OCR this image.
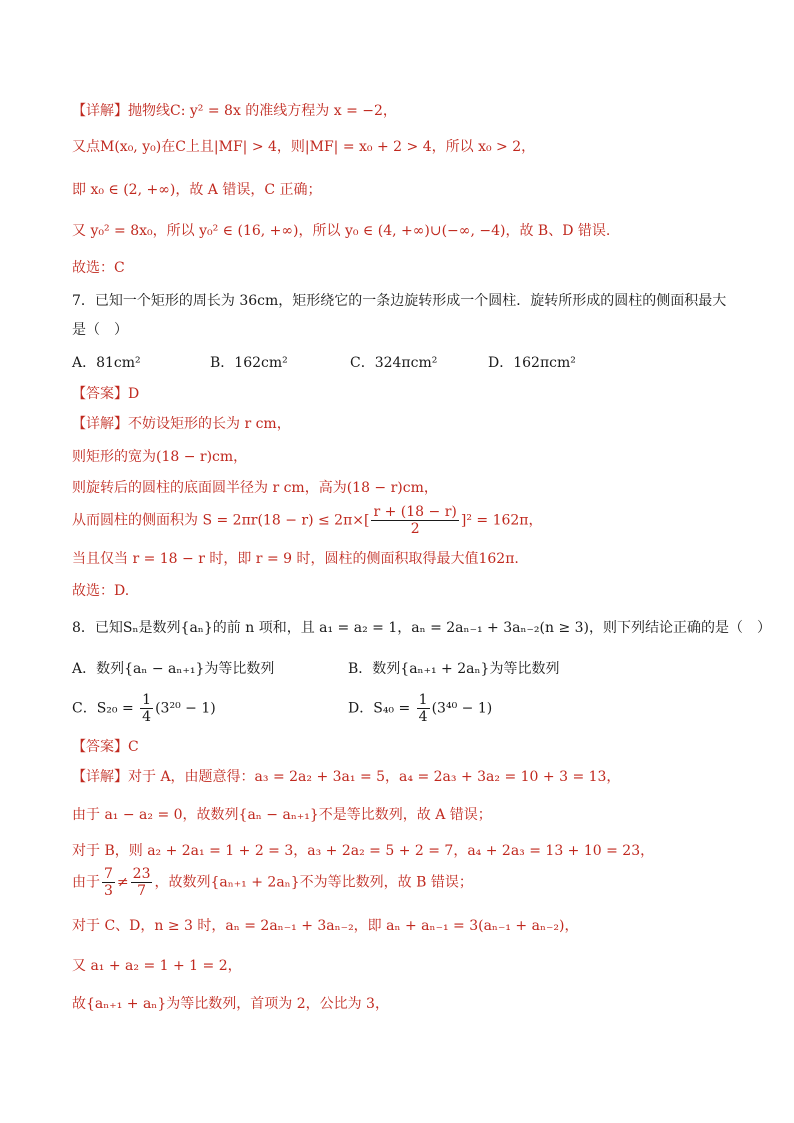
【详解】抛物线C: y² = 8x 的准线方程为 x = −2，
又点M(x₀, y₀)在C上且|MF| > 4，则|MF| = x₀ + 2 > 4，所以 x₀ > 2，
即 x₀ ∈ (2, +∞)，故 A 错误，C 正确；
又 y₀² = 8x₀，所以 y₀² ∈ (16, +∞)，所以 y₀ ∈ (4, +∞)∪(−∞, −4)，故 B、D 错误.
故选：C
7．已知一个矩形的周长为 36cm，矩形绕它的一条边旋转形成一个圆柱．旋转所形成的圆柱的侧面积最大
是（　）
A．81cm²	B．162cm²	C．324πcm²	D．162πcm²
【答案】D
【详解】不妨设矩形的长为 r cm，
则矩形的宽为(18 − r)cm，
则旋转后的圆柱的底面圆半径为 r cm，高为(18 − r)cm，
从而圆柱的侧面积为 $S = 2\pi r(18 - r) \le 2\pi\times[ \frac{r + (18 - r)}{2} ]^2 = 162\pi$，
当且仅当 r = 18 − r 时，即 r = 9 时，圆柱的侧面积取得最大值162π.
故选：D.
8．已知Sₙ是数列{aₙ}的前 n 项和，且 a₁ = a₂ = 1，aₙ = 2aₙ₋₁ + 3aₙ₋₂(n ≥ 3)，则下列结论正确的是（　）
A．数列{aₙ − aₙ₊₁}为等比数列	B．数列{aₙ₊₁ + 2aₙ}为等比数列
C．$S_{20} = \frac{1}{4} (3^{20} - 1)$	D．$S_{40} = \frac{1}{4} (3^{40} - 1)$
【答案】C
【详解】对于 A，由题意得：a₃ = 2a₂ + 3a₁ = 5，a₄ = 2a₃ + 3a₂ = 10 + 3 = 13，
由于 a₁ − a₂ = 0，故数列{aₙ − aₙ₊₁}不是等比数列，故 A 错误；
对于 B，则 a₂ + 2a₁ = 1 + 2 = 3，a₃ + 2a₂ = 5 + 2 = 7，a₄ + 2a₃ = 13 + 10 = 23，
由于 $\frac{7}{3} \ne \frac{23}{7}$ ，故数列{aₙ₊₁ + 2aₙ}不为等比数列，故 B 错误；
对于 C、D，n ≥ 3 时，aₙ = 2aₙ₋₁ + 3aₙ₋₂，即 aₙ + aₙ₋₁ = 3(aₙ₋₁ + aₙ₋₂)，
又 a₁ + a₂ = 1 + 1 = 2，
故{aₙ₊₁ + aₙ}为等比数列，首项为 2，公比为 3，
